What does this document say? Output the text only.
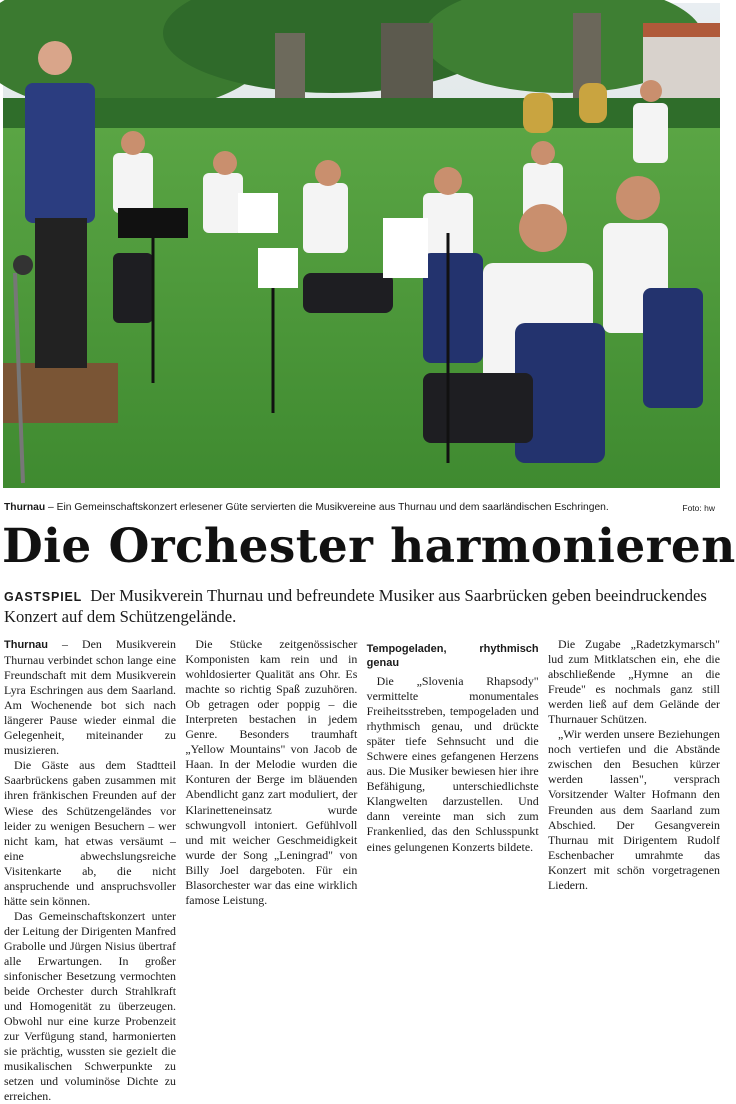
Thurnau – Ein Gemeinschaftskonzert erlesener Güte servierten die Musikvereine aus Thurnau und dem saarländischen Eschringen.	Foto: hw
Die Orchester harmonieren
GASTSPIEL Der Musikverein Thurnau und befreundete Musiker aus Saarbrücken geben beeindruckendes Konzert auf dem Schützengelände.

Thurnau – Den Musikverein Thurnau verbindet schon lange eine Freundschaft mit dem Musikverein Lyra Eschringen aus dem Saarland. Am Wochenende bot sich nach längerer Pause wieder einmal die Gelegenheit, miteinander zu musizieren.

Die Gäste aus dem Stadtteil Saarbrückens gaben zusammen mit ihren fränkischen Freunden auf der Wiese des Schützengeländes vor leider zu wenigen Besuchern – wer nicht kam, hat etwas versäumt – eine abwechslungsreiche Visitenkarte ab, die nicht anspruchende und anspruchsvoller hätte sein können.

Das Gemeinschaftskonzert unter der Leitung der Dirigenten Manfred Grabolle und Jürgen Nisius übertraf alle Erwartungen. In großer sinfonischer Besetzung vermochten beide Orchester durch Strahlkraft und Homogenität zu überzeugen. Obwohl nur eine kurze Probenzeit zur Verfügung stand, harmonierten sie prächtig, wussten sie gezielt die musikalischen Schwerpunkte zu setzen und voluminöse Dichte zu erreichen.

Die Stücke zeitgenössischer Komponisten kam rein und in wohldosierter Qualität ans Ohr. Es machte so richtig Spaß zuzuhören. Ob getragen oder poppig – die Interpreten bestachen in jedem Genre. Besonders traumhaft „Yellow Mountains" von Jacob de Haan. In der Melodie wurden die Konturen der Berge im bläuenden Abendlicht ganz zart moduliert, der Klarinetteneinsatz wurde schwungvoll intoniert. Gefühlvoll und mit weicher Geschmeidigkeit wurde der Song „Leningrad" von Billy Joel dargeboten. Für ein Blasorchester war das eine wirklich famose Leistung.

Tempogeladen, rhythmisch genau

Die „Slovenia Rhapsody" vermittelte monumentales Freiheitsstreben, tempogeladen und rhythmisch genau, und drückte später tiefe Sehnsucht und die Schwere eines gefangenen Herzens aus. Die Musiker bewiesen hier ihre Befähigung, unterschiedlichste Klangwelten darzustellen. Und dann vereinte man sich zum Frankenlied, das den Schlusspunkt eines gelungenen Konzerts bildete.

Die Zugabe „Radetzkymarsch" lud zum Mitklatschen ein, ehe die abschließende „Hymne an die Freude" es nochmals ganz still werden ließ auf dem Gelände der Thurnauer Schützen.

„Wir werden unsere Beziehungen noch vertiefen und die Abstände zwischen den Besuchen kürzer werden lassen", versprach Vorsitzender Walter Hofmann den Freunden aus dem Saarland zum Abschied. Der Gesangverein Thurnau mit Dirigentem Rudolf Eschenbacher umrahmte das Konzert mit schön vorgetragenen Liedern.
